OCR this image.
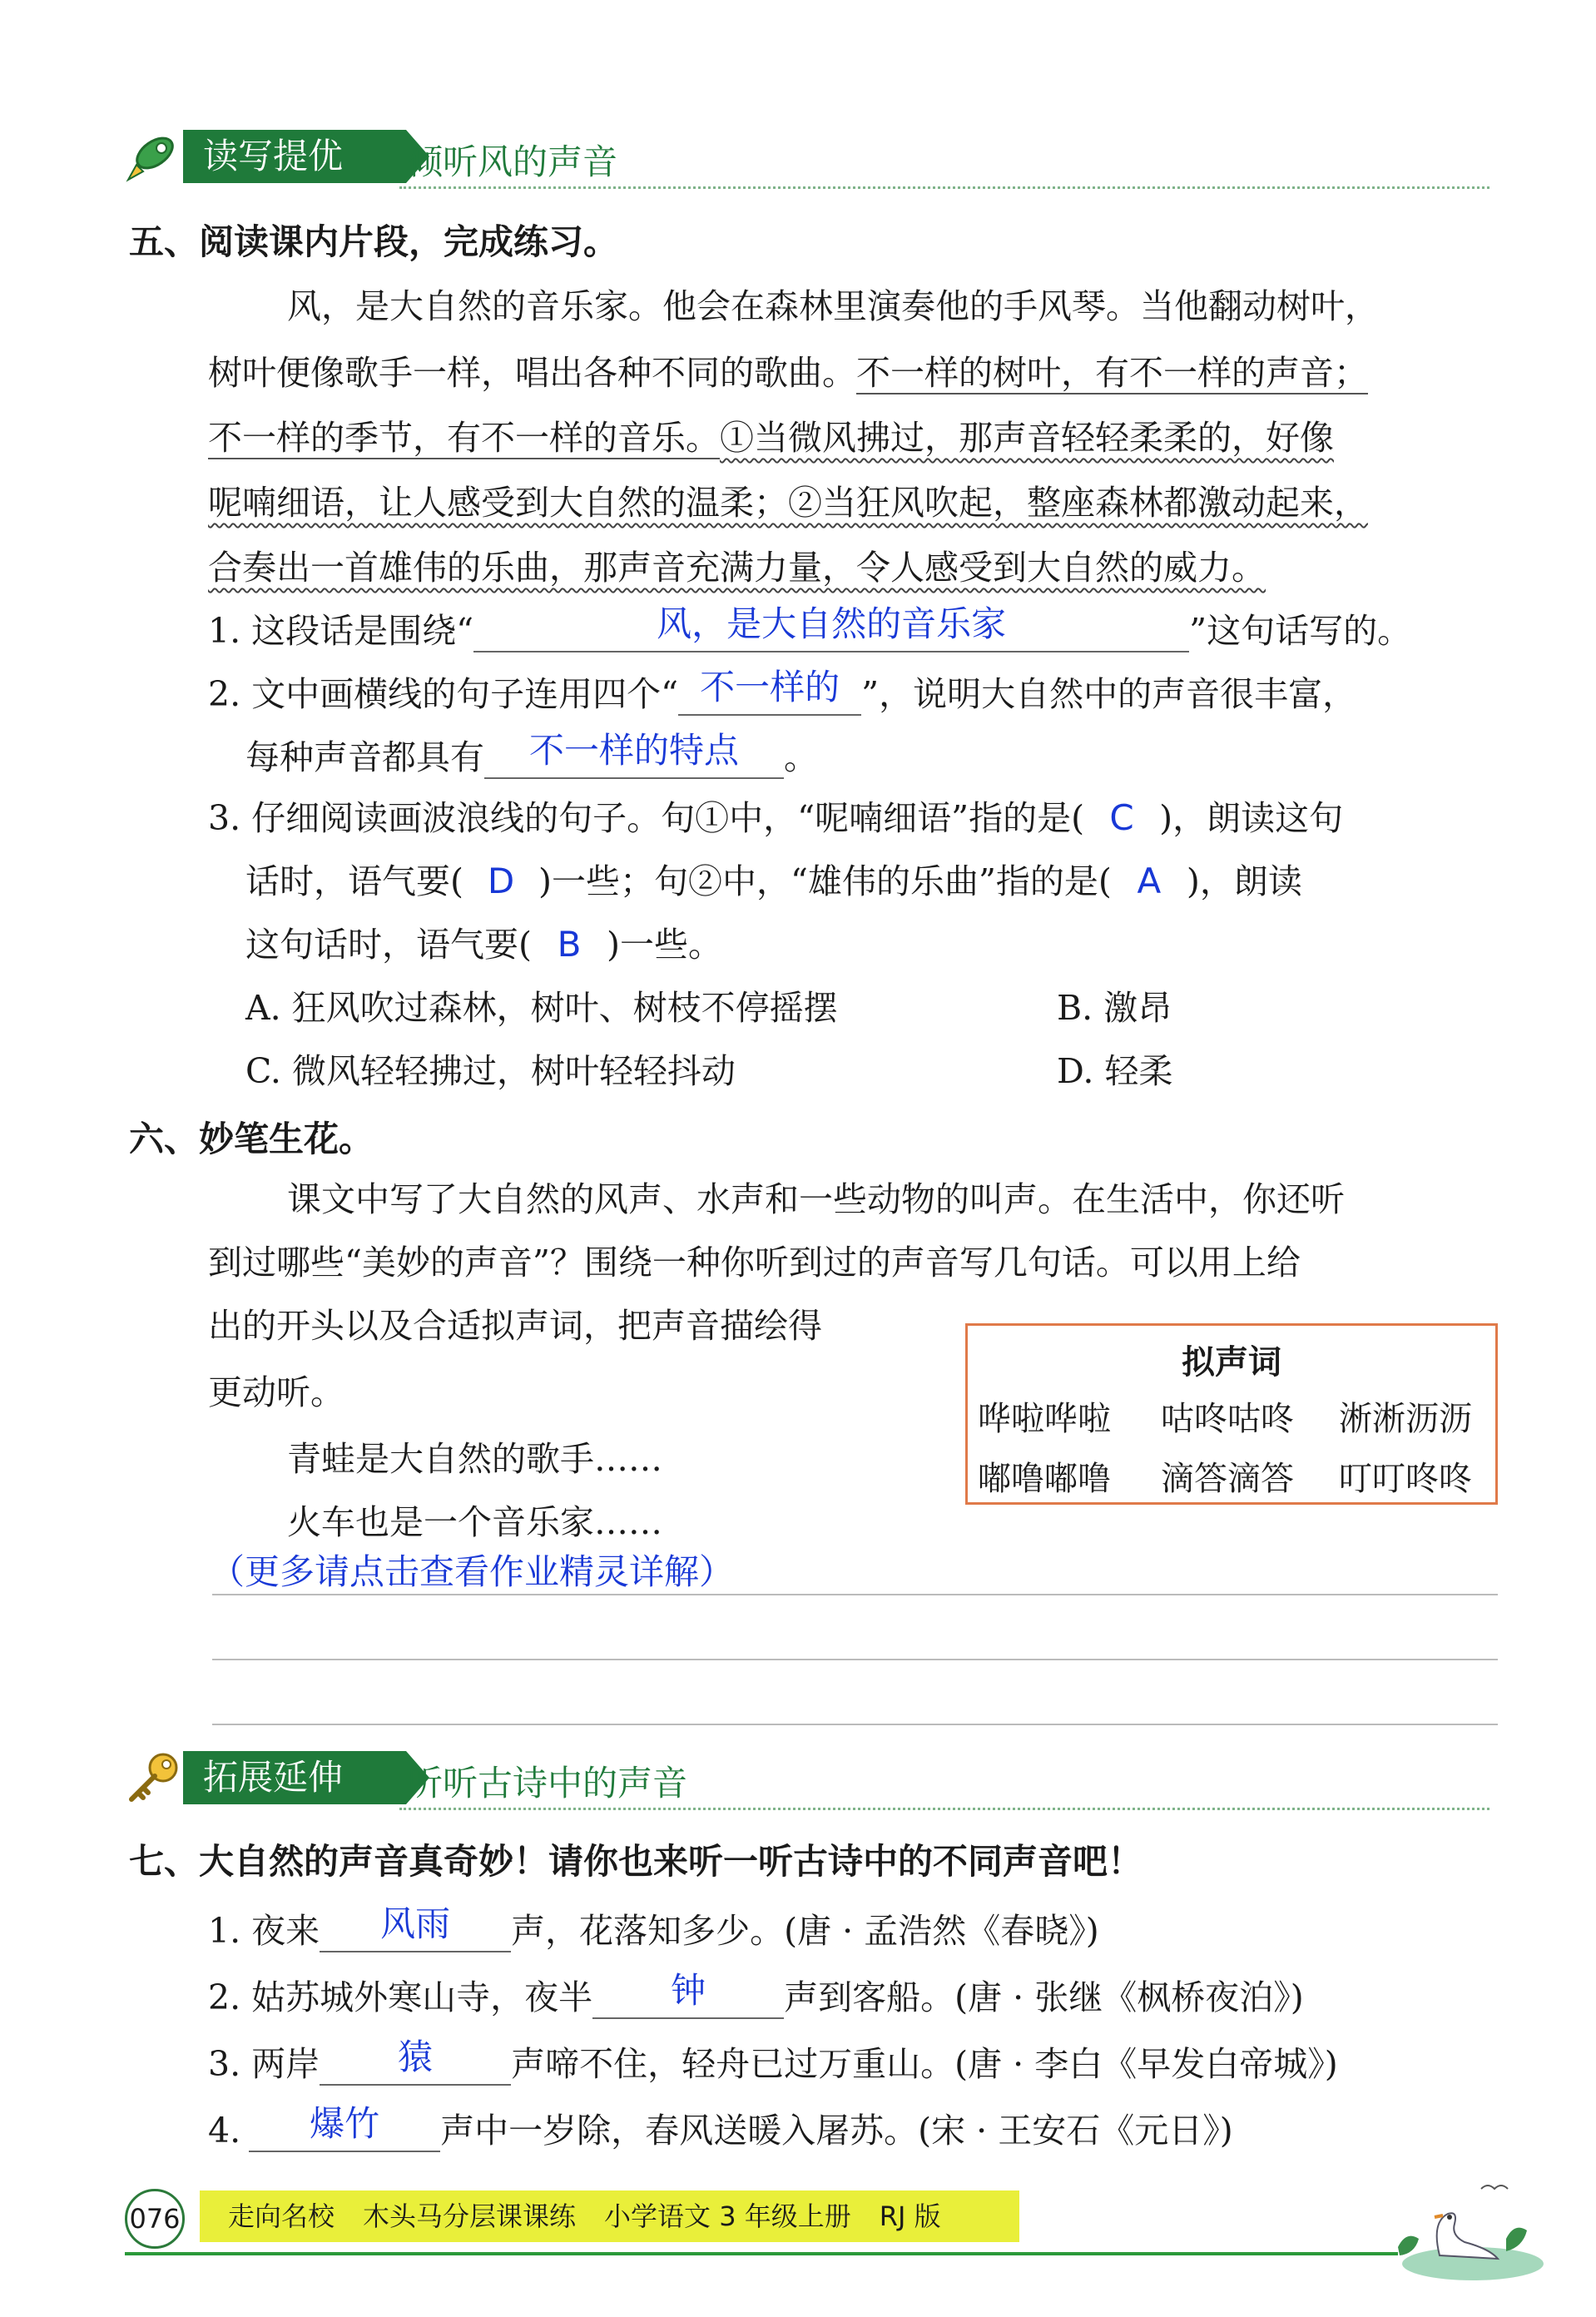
读写提优	倾听风的声音
五、阅读课内片段，完成练习。
风，是大自然的音乐家。他会在森林里演奏他的手风琴。当他翻动树叶，
树叶便像歌手一样，唱出各种不同的歌曲。不一样的树叶，有不一样的声音；
不一样的季节，有不一样的音乐。①当微风拂过，那声音轻轻柔柔的，好像
呢喃细语，让人感受到大自然的温柔；②当狂风吹起，整座森林都激动起来，
合奏出一首雄伟的乐曲，那声音充满力量，令人感受到大自然的威力。
1. 这段话是围绕“	风，是大自然的音乐家	”这句话写的。
2. 文中画横线的句子连用四个“ 不一样的 ”，说明大自然中的声音很丰富，
每种声音都具有 不一样的特点 。
3. 仔细阅读画波浪线的句子。句①中，“呢喃细语”指的是( C )，朗读这句
话时，语气要( D )一些；句②中，“雄伟的乐曲”指的是( A )，朗读
这句话时，语气要( B )一些。
A. 狂风吹过森林，树叶、树枝不停摇摆	B. 激昂
C. 微风轻轻拂过，树叶轻轻抖动	D. 轻柔
六、妙笔生花。
课文中写了大自然的风声、水声和一些动物的叫声。在生活中，你还听
到过哪些“美妙的声音”？围绕一种你听到过的声音写几句话。可以用上给
出的开头以及合适拟声词，把声音描绘得
更动听。
青蛙是大自然的歌手……
火车也是一个音乐家……
（更多请点击查看作业精灵详解）
拟声词
哗啦哗啦 咕咚咕咚 淅淅沥沥
嘟噜嘟噜 滴答滴答 叮叮咚咚
拓展延伸	听听古诗中的声音
七、大自然的声音真奇妙！请你也来听一听古诗中的不同声音吧！
1. 夜来 风雨 声，花落知多少。(唐 · 孟浩然《春晓》)
2. 姑苏城外寒山寺，夜半 钟 声到客船。(唐 · 张继《枫桥夜泊》)
3. 两岸 猿 声啼不住，轻舟已过万重山。(唐 · 李白《早发白帝城》)
4. 爆竹 声中一岁除，春风送暖入屠苏。(宋 · 王安石《元日》)
076	走向名校 木头马分层课课练 小学语文 3 年级上册 RJ 版
